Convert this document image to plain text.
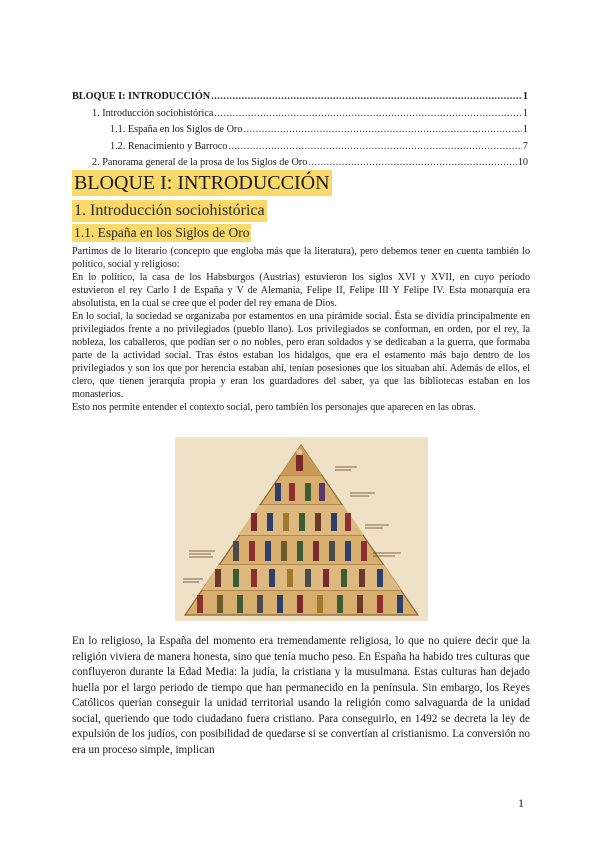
BLOQUE I: INTRODUCCIÓN .....	1
1. Introducción sociohistórica .....	1
1.1. España en los Siglos de Oro .....	1
1.2. Renacimiento y Barroco .....	7
2. Panorama general de la prosa de los Siglos de Oro .....	10
BLOQUE I: INTRODUCCIÓN
1. Introducción sociohistórica
1.1. España en los Siglos de Oro

Partimos de lo literario (concepto que engloba más que la literatura), pero debemos tener en cuenta también lo político, social y religioso:

En lo político, la casa de los Habsburgos (Austrias) estuvieron los siglos XVI y XVII, en cuyo periodo estuvieron el rey Carlo I de España y V de Alemania, Felipe II, Felipe III Y Felipe IV. Esta monarquía era absolutista, en la cual se cree que el poder del rey emana de Dios.

En lo social, la sociedad se organizaba por estamentos en una pirámide social. Ésta se dividía principalmente en privilegiados frente a no privilegiados (pueblo llano). Los privilegiados se conforman, en orden, por el rey, la nobleza, los caballeros, que podían ser o no nobles, pero eran soldados y se dedicaban a la guerra, que formaba parte de la actividad social. Tras éstos estaban los hidalgos, que era el estamento más bajo dentro de los privilegiados y son los que por herencia estaban ahí, tenían posesiones que los situaban ahí. Además de ellos, el clero, que tienen jerarquía propia y eran los guardadores del saber, ya que las bibliotecas estaban en los monasterios.

Esto nos permite entender el contexto social, pero también los personajes que aparecen en las obras.

En lo religioso, la España del momento era tremendamente religiosa, lo que no quiere decir que la religión viviera de manera honesta, sino que tenía mucho peso. En España ha habido tres culturas que confluyeron durante la Edad Media: la judía, la cristiana y la musulmana. Estas culturas han dejado huella por el largo periodo de tiempo que han permanecido en la península. Sin embargo, los Reyes Católicos querían conseguir la unidad territorial usando la religión como salvaguarda de la unidad social, queriendo que todo ciudadano fuera cristiano. Para conseguirlo, en 1492 se decreta la ley de expulsión de los judíos, con posibilidad de quedarse si se convertían al cristianismo. La conversión no era un proceso simple, implican

1
